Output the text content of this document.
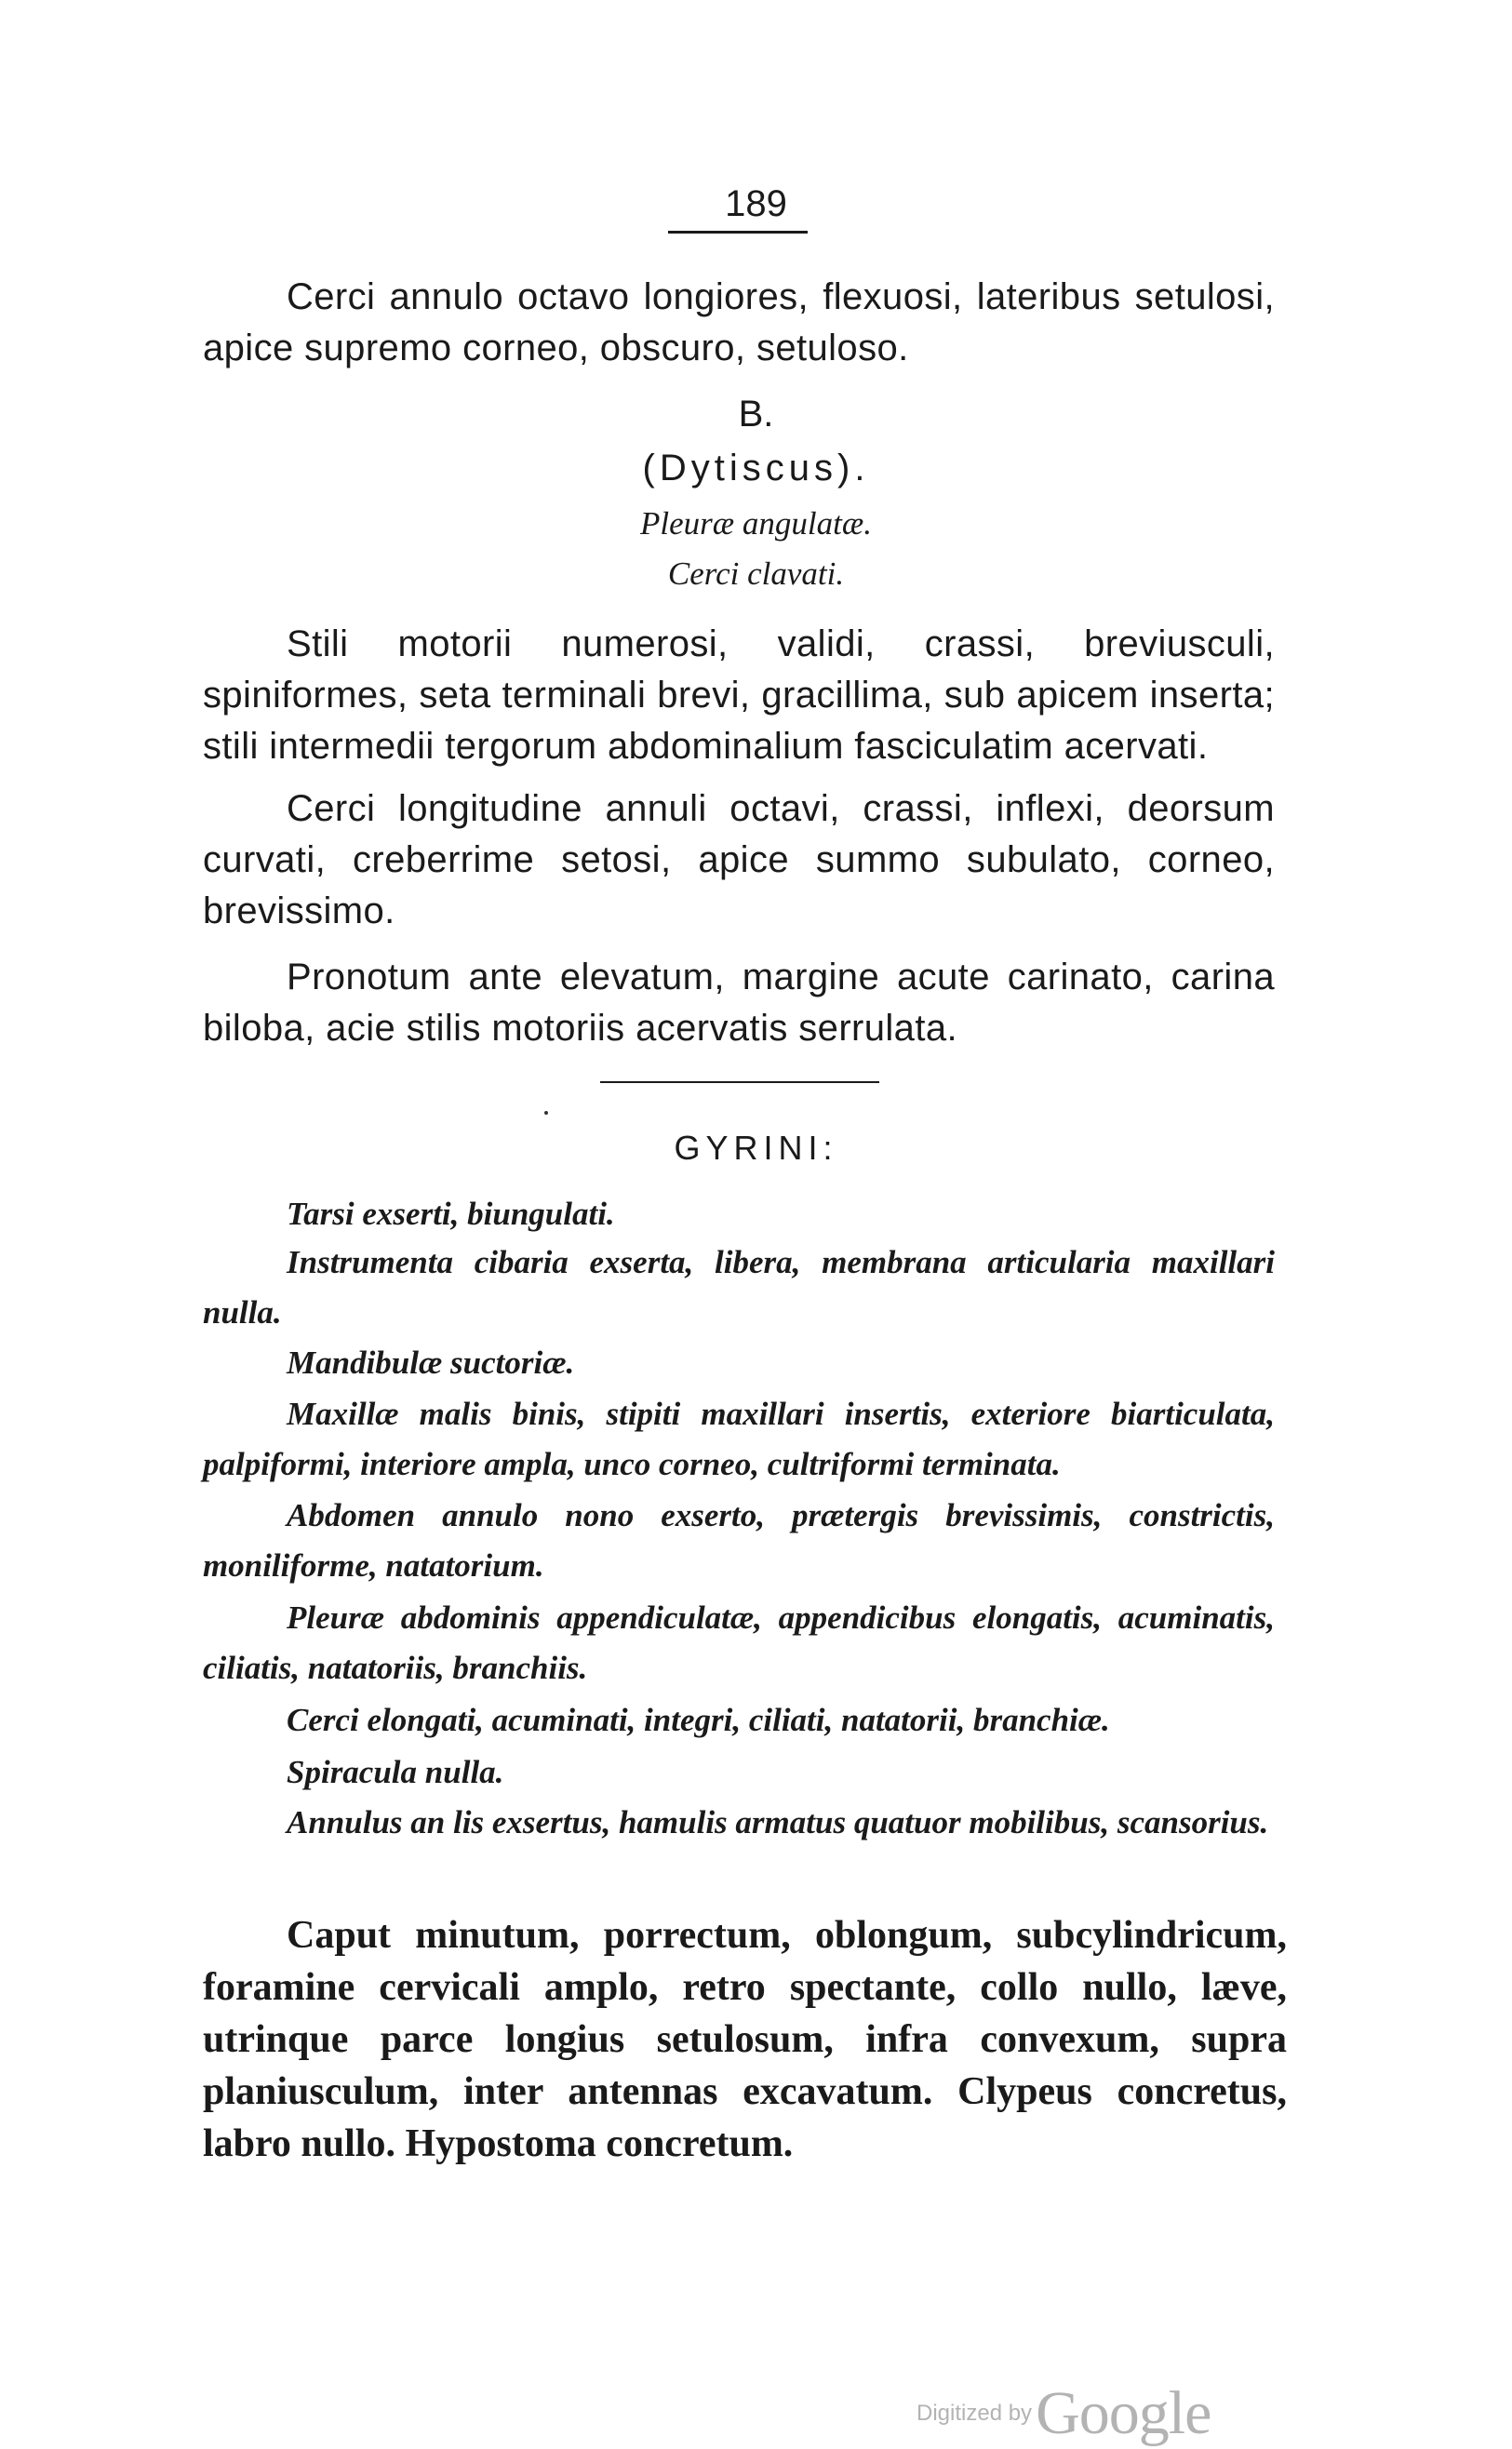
189

Cerci annulo octavo longiores, flexuosi, lateribus setulosi, apice supremo corneo, obscuro, setuloso.

B.

(Dytiscus).

Pleuræ angulatæ.

Cerci clavati.

Stili motorii numerosi, validi, crassi, breviusculi, spiniformes, seta terminali brevi, gracillima, sub apicem inserta; stili intermedii tergorum abdominalium fasciculatim acervati.

Cerci longitudine annuli octavi, crassi, inflexi, deorsum curvati, creberrime setosi, apice summo subulato, corneo, brevissimo.

Pronotum ante elevatum, margine acute carinato, carina biloba, acie stilis motoriis acervatis serrulata.

GYRINI:

Tarsi exserti, biungulati.

Instrumenta cibaria exserta, libera, membrana articularia maxillari nulla.

Mandibulæ suctoriæ.

Maxillæ malis binis, stipiti maxillari insertis, exteriore biarticulata, palpiformi, interiore ampla, unco corneo, cultriformi terminata.

Abdomen annulo nono exserto, prætergis brevissimis, constrictis, moniliforme, natatorium.

Pleuræ abdominis appendiculatæ, appendicibus elongatis, acuminatis, ciliatis, natatoriis, branchiis.

Cerci elongati, acuminati, integri, ciliati, natatorii, branchiæ.

Spiracula nulla.

Annulus an lis exsertus, hamulis armatus quatuor mobilibus, scansorius.

Caput minutum, porrectum, oblongum, subcylindricum, foramine cervicali amplo, retro spectante, collo nullo, læve, utrinque parce longius setulosum, infra convexum, supra planiusculum, inter antennas excavatum. Clypeus concretus, labro nullo. Hypostoma concretum.

Digitized by Google
